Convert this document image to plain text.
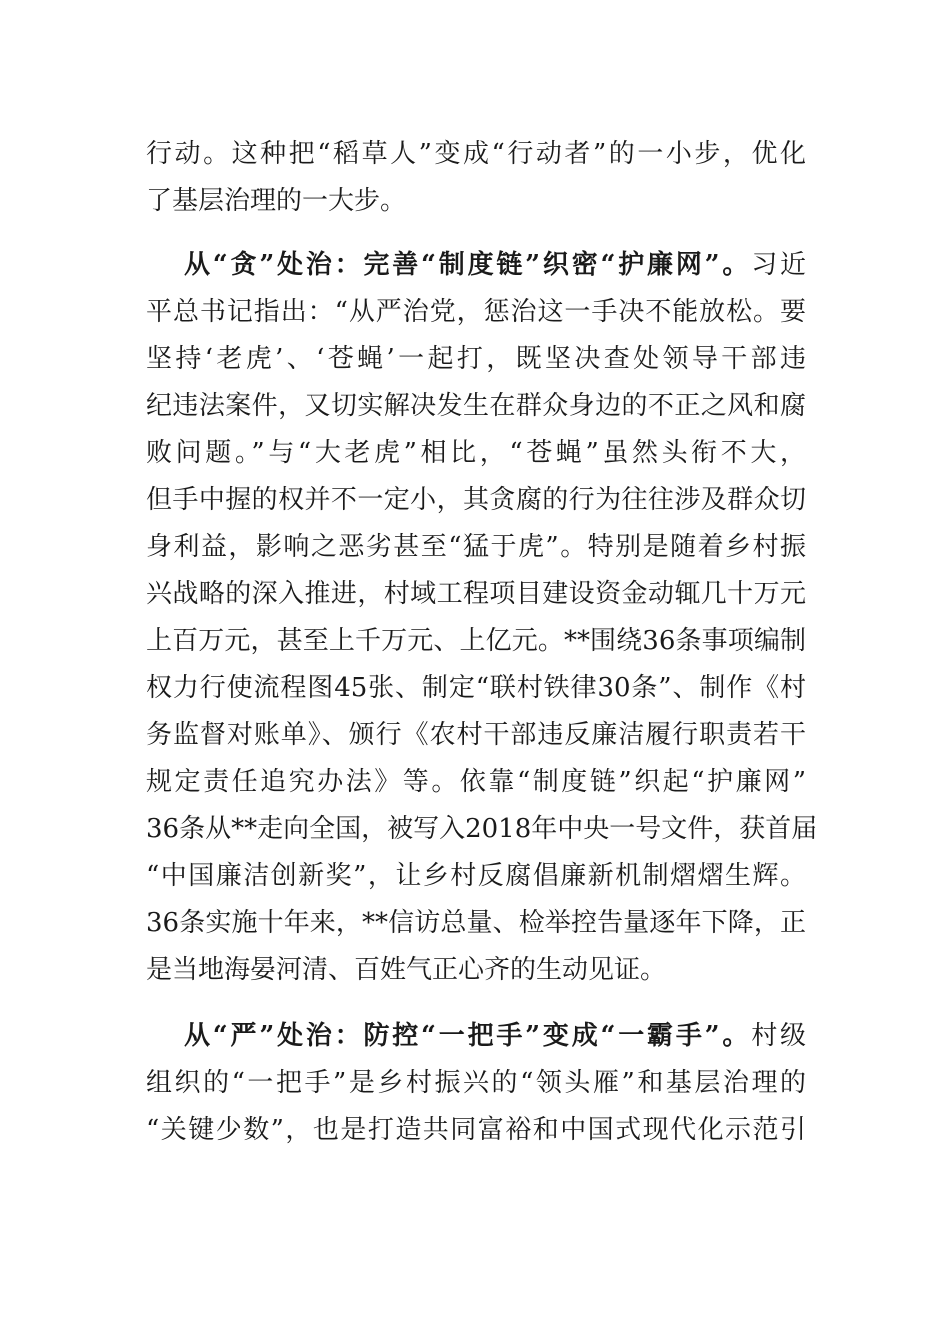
行动。这种把“稻草人”变成“行动者”的一小步，优化
了基层治理的一大步。
从“贪”处治：完善“制度链”织密“护廉网”。习近
平总书记指出：“从严治党，惩治这一手决不能放松。要
坚持‘老虎’、‘苍蝇’一起打，既坚决查处领导干部违
纪违法案件，又切实解决发生在群众身边的不正之风和腐
败问题。”与“大老虎”相比，“苍蝇”虽然头衔不大，
但手中握的权并不一定小，其贪腐的行为往往涉及群众切
身利益，影响之恶劣甚至“猛于虎”。特别是随着乡村振
兴战略的深入推进，村域工程项目建设资金动辄几十万元
上百万元，甚至上千万元、上亿元。**围绕36条事项编制
权力行使流程图45张、制定“联村铁律30条”、制作《村
务监督对账单》、颁行《农村干部违反廉洁履行职责若干
规定责任追究办法》等。依靠“制度链”织起“护廉网”
36条从**走向全国，被写入2018年中央一号文件，获首届
“中国廉洁创新奖”，让乡村反腐倡廉新机制熠熠生辉。
36条实施十年来，**信访总量、检举控告量逐年下降，正
是当地海晏河清、百姓气正心齐的生动见证。
从“严”处治：防控“一把手”变成“一霸手”。村级
组织的“一把手”是乡村振兴的“领头雁”和基层治理的
“关键少数”，也是打造共同富裕和中国式现代化示范引
